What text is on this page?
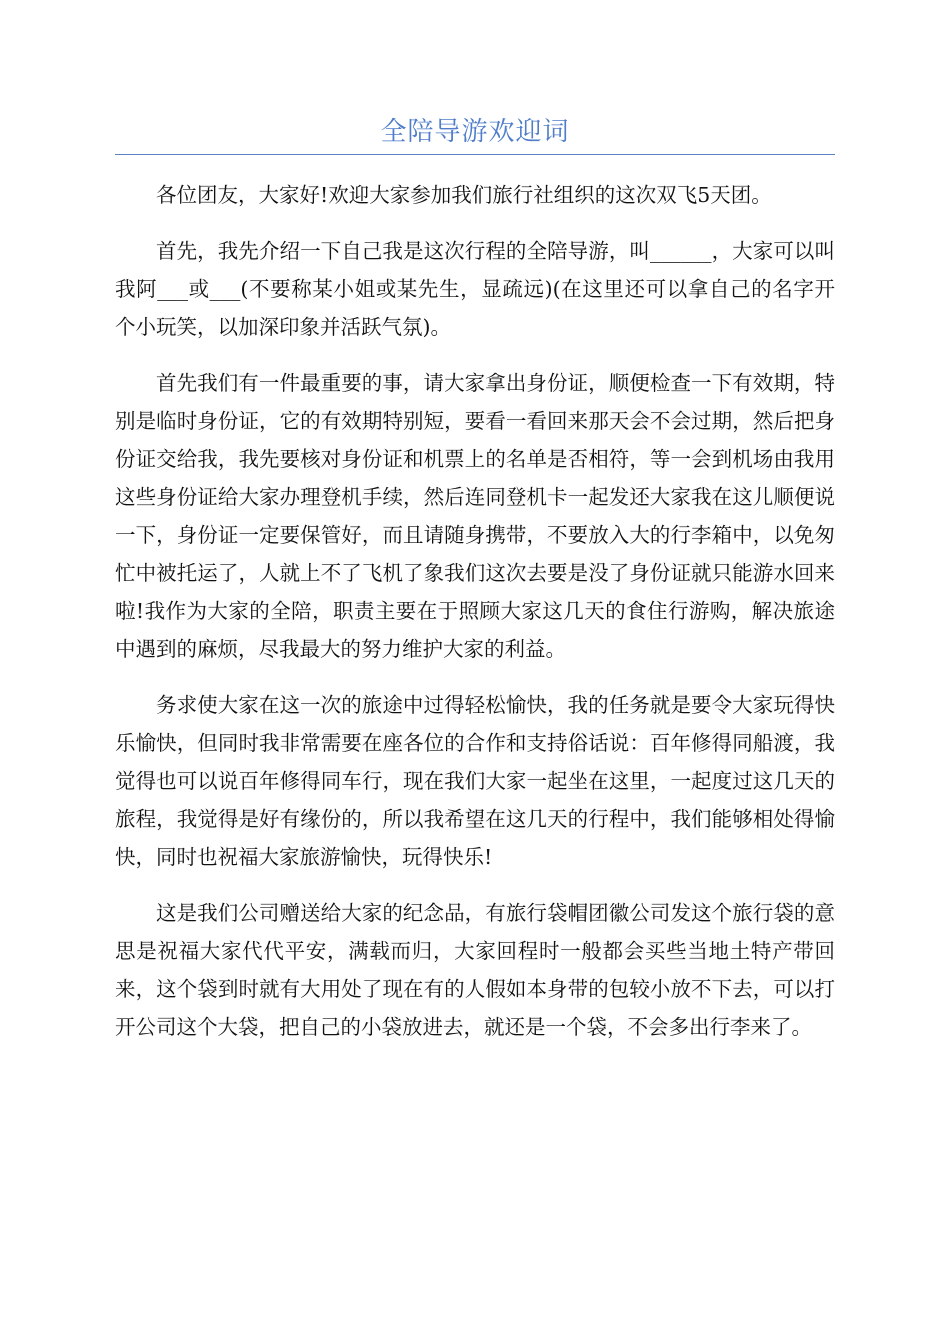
全陪导游欢迎词

各位团友，大家好!欢迎大家参加我们旅行社组织的这次双飞5天团。

首先，我先介绍一下自己我是这次行程的全陪导游，叫______，大家可以叫我阿___或___(不要称某小姐或某先生，显疏远)(在这里还可以拿自己的名字开个小玩笑，以加深印象并活跃气氛)。

首先我们有一件最重要的事，请大家拿出身份证，顺便检查一下有效期，特别是临时身份证，它的有效期特别短，要看一看回来那天会不会过期，然后把身份证交给我，我先要核对身份证和机票上的名单是否相符，等一会到机场由我用这些身份证给大家办理登机手续，然后连同登机卡一起发还大家我在这儿顺便说一下，身份证一定要保管好，而且请随身携带，不要放入大的行李箱中，以免匆忙中被托运了，人就上不了飞机了象我们这次去要是没了身份证就只能游水回来啦!我作为大家的全陪，职责主要在于照顾大家这几天的食住行游购，解决旅途中遇到的麻烦，尽我最大的努力维护大家的利益。

务求使大家在这一次的旅途中过得轻松愉快，我的任务就是要令大家玩得快乐愉快，但同时我非常需要在座各位的合作和支持俗话说：百年修得同船渡，我觉得也可以说百年修得同车行，现在我们大家一起坐在这里，一起度过这几天的旅程，我觉得是好有缘份的，所以我希望在这几天的行程中，我们能够相处得愉快，同时也祝福大家旅游愉快，玩得快乐!

这是我们公司赠送给大家的纪念品，有旅行袋帽团徽公司发这个旅行袋的意思是祝福大家代代平安，满载而归，大家回程时一般都会买些当地土特产带回来，这个袋到时就有大用处了现在有的人假如本身带的包较小放不下去，可以打开公司这个大袋，把自己的小袋放进去，就还是一个袋，不会多出行李来了。
